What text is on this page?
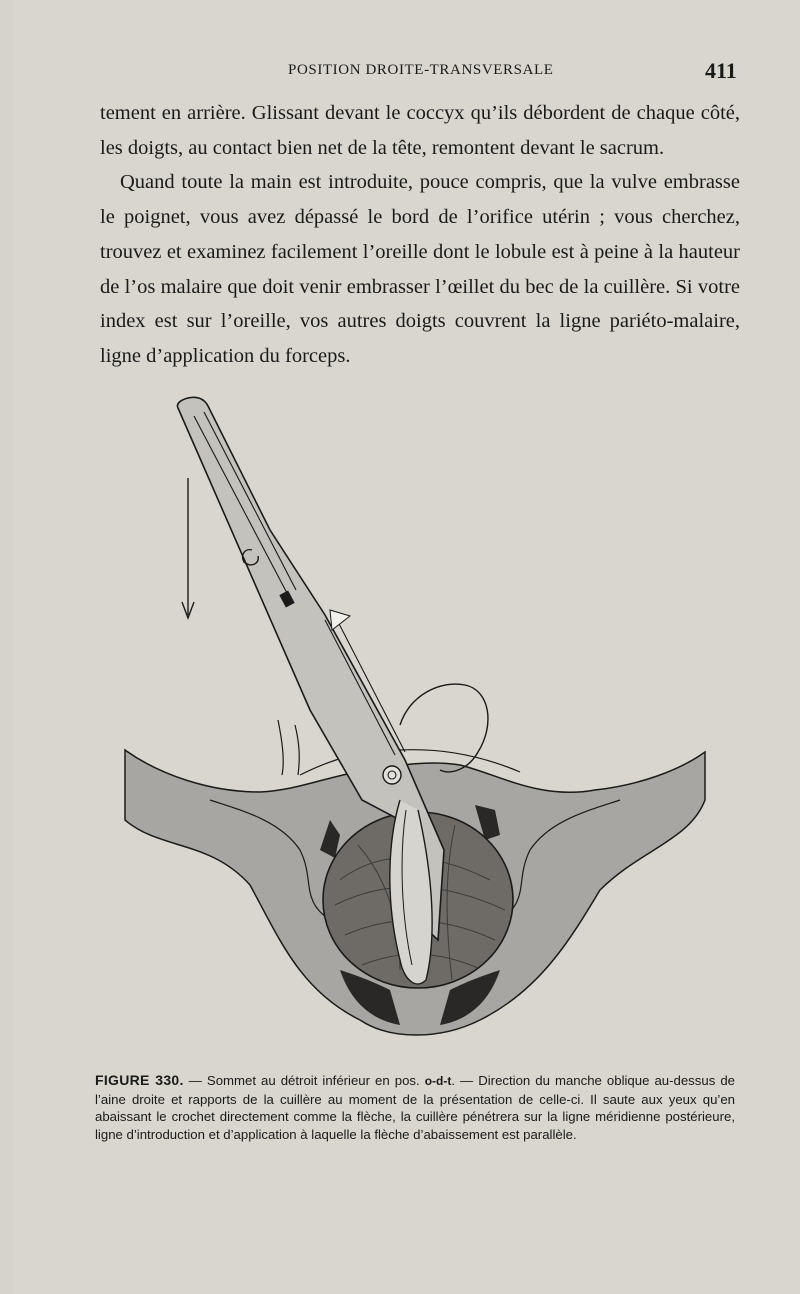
POSITION DROITE-TRANSVERSALE	411

tement en arrière. Glissant devant le coccyx qu’ils débordent de chaque côté, les doigts, au contact bien net de la tête, remontent devant le sacrum.

Quand toute la main est introduite, pouce compris, que la vulve embrasse le poignet, vous avez dépassé le bord de l’orifice utérin ; vous cherchez, trouvez et examinez facilement l’oreille dont le lobule est à peine à la hauteur de l’os malaire que doit venir embrasser l’œillet du bec de la cuillère. Si votre index est sur l’oreille, vos autres doigts couvrent la ligne pariéto-malaire, ligne d’application du forceps.

FIGURE 330. — Sommet au détroit inférieur en pos. o-d-t. — Direction du manche oblique au-dessus de l’aine droite et rapports de la cuillère au moment de la présentation de celle-ci. Il saute aux yeux qu’en abaissant le crochet directement comme la flèche, la cuillère pénétrera sur la ligne méridienne postérieure, ligne d’introduction et d’application à laquelle la flèche d’abaissement est parallèle.
